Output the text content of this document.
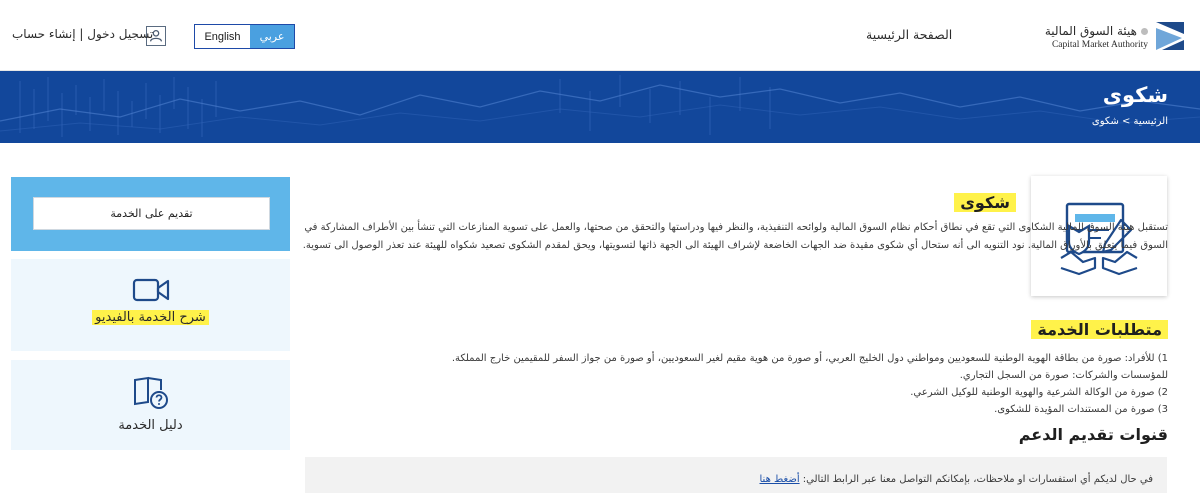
هيئة السوق المالية
Capital Market Authority
الصفحة الرئيسية
English	عربي
تسجيل دخول | إنشاء حساب
شكوى
الرئيسية > شكوى
تقديم على الخدمة
شرح الخدمة بالفيديو
دليل الخدمة
شكوى
تستقبل هيئة السوق المالية الشكاوى التي تقع في نطاق أحكام نظام السوق المالية ولوائحه التنفيذية، والنظر فيها ودراستها والتحقق من صحتها، والعمل على تسوية المنازعات التي تنشأ بين الأطراف المشاركة في السوق فيما يتعلق بالأوراق المالية. نود التنويه الى أنه ستحال أي شكوى مقيدة ضد الجهات الخاضعة لإشراف الهيئة الى الجهة ذاتها لتسويتها، ويحق لمقدم الشكوى تصعيد شكواه للهيئة عند تعذر الوصول الى تسوية.
متطلبات الخدمة
1) للأفراد: صورة من بطاقة الهوية الوطنية للسعوديين ومواطني دول الخليج العربي، أو صورة من هوية مقيم لغير السعوديين، أو صورة من جواز السفر للمقيمين خارج المملكة.
للمؤسسات والشركات: صورة من السجل التجاري.
2) صورة من الوكالة الشرعية والهوية الوطنية للوكيل الشرعي.
3) صورة من المستندات المؤيدة للشكوى.
قنوات تقديم الدعم
في حال لديكم أي استفسارات او ملاحظات، بإمكانكم التواصل معنا عبر الرابط التالي: أضغط هنا
